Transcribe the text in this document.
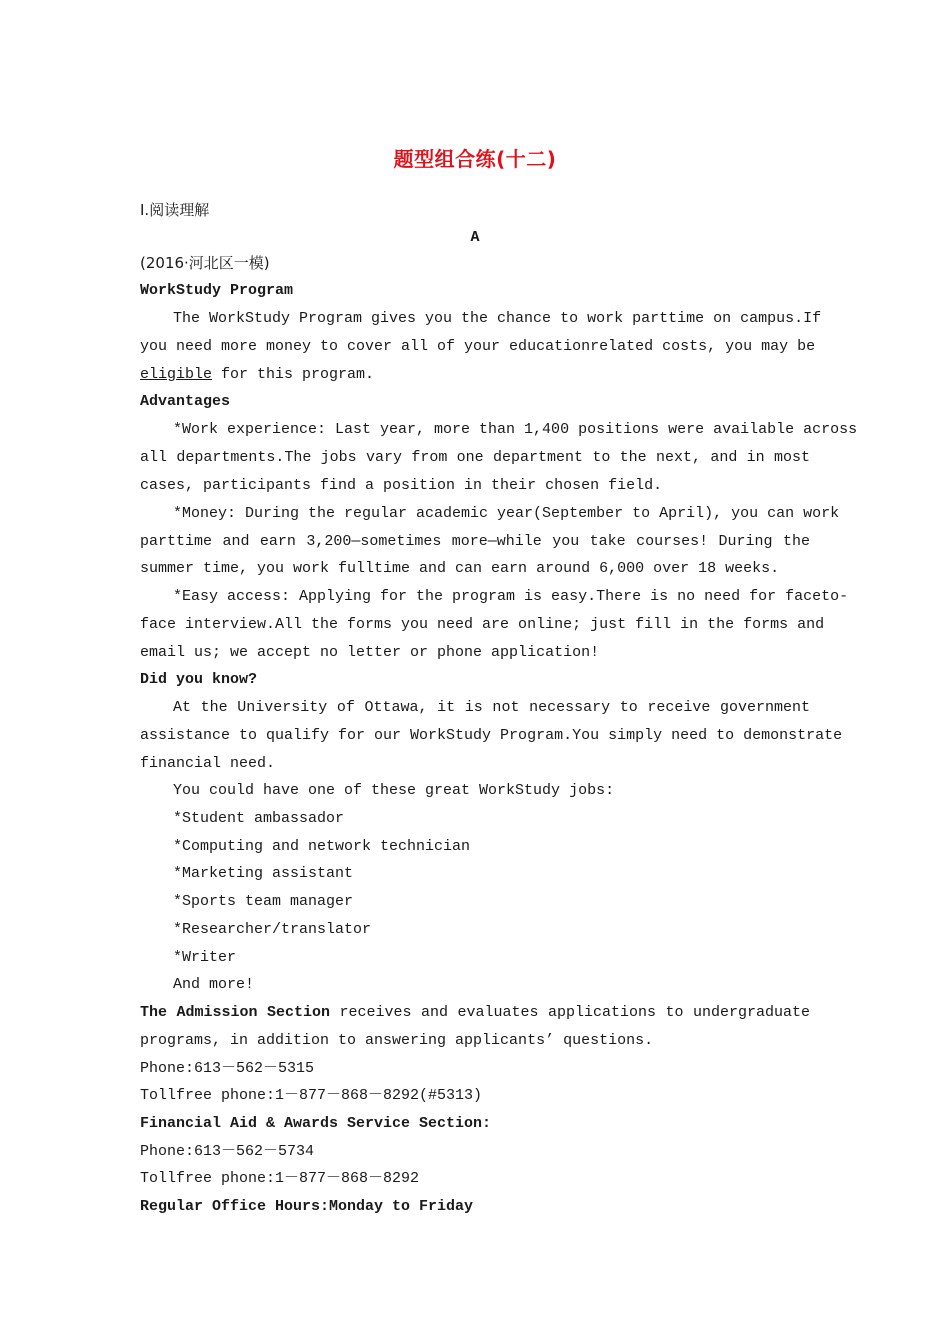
题型组合练(十二)
Ⅰ.阅读理解
A
(2016·河北区一模)
WorkStudy Program
The WorkStudy Program gives you the chance to work parttime on campus.If
you need more money to cover all of your educationrelated costs, you may be
eligible for this program.
Advantages
*Work experience: Last year, more than 1,400 positions were available across
all departments.The jobs vary from one department to the next, and in most
cases, participants find a position in their chosen field.
*Money: During the regular academic year(September to April), you can work
parttime and earn 3,200—sometimes more—while you take courses! During the
summer time, you work fulltime and can earn around 6,000 over 18 weeks.
*Easy access: Applying for the program is easy.There is no need for faceto-
face interview.All the forms you need are online; just fill in the forms and
email us; we accept no letter or phone application!
Did you know?
At the University of Ottawa, it is not necessary to receive government
assistance to qualify for our WorkStudy Program.You simply need to demonstrate
financial need.
You could have one of these great WorkStudy jobs:
*Student ambassador
*Computing and network technician
*Marketing assistant
*Sports team manager
*Researcher/translator
*Writer
And more!
The Admission Section receives and evaluates applications to undergraduate
programs, in addition to answering applicants’ questions.
Phone:613－562－5315
Tollfree phone:1－877－868－8292(#5313)
Financial Aid & Awards Service Section:
Phone:613－562－5734
Tollfree phone:1－877－868－8292
Regular Office Hours:Monday to Friday
